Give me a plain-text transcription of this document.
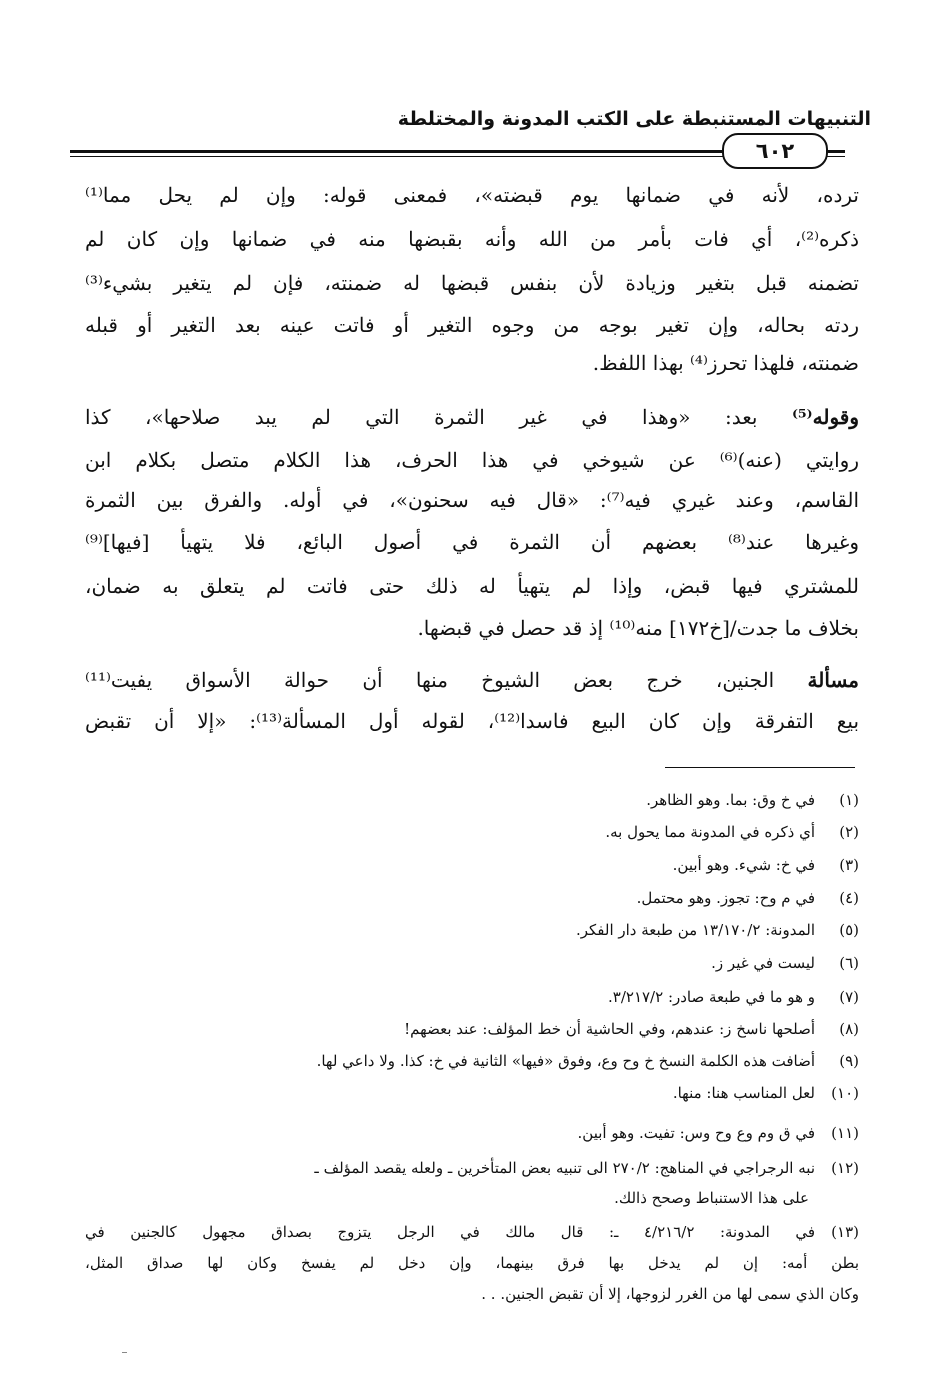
التنبيهات المستنبطة على الكتب المدونة والمختلطة
٦٠٢
ترده، لأنه في ضمانها يوم قبضته»، فمعنى قوله: وإن لم يحل مما⁽¹⁾
ذكره⁽²⁾، أي فات بأمر من الله وأنه بقبضها منه في ضمانها وإن كان لم
تضمنه قبل بتغير وزيادة لأن بنفس قبضها له ضمنته، فإن لم يتغير بشيء⁽³⁾
ردته بحاله، وإن تغير بوجه من وجوه التغير أو فاتت عينه بعد التغير أو قبله
ضمنته، فلهذا تحرز⁽⁴⁾ بهذا اللفظ.
وقوله⁽⁵⁾ بعد: «وهذا في غير الثمرة التي لم يبد صلاحها»، كذا
روايتي (عنه)⁽⁶⁾ عن شيوخي في هذا الحرف، هذا الكلام متصل بكلام ابن
القاسم، وعند غيري فيه⁽⁷⁾: «قال فيه سحنون»، في أوله. والفرق بين الثمرة
وغيرها عند⁽⁸⁾ بعضهم أن الثمرة في أصول البائع، فلا يتهيأ [فيها]⁽⁹⁾
للمشتري فيها قبض، وإذا لم يتهيأ له ذلك حتى فاتت لم يتعلق به ضمان،
بخلاف ما جدت/[خ١٧٢] منه⁽¹⁰⁾ إذ قد حصل في قبضها.
مسألة الجنين، خرج بعض الشيوخ منها أن حوالة الأسواق يفيت⁽¹¹⁾
بيع التفرقة وإن كان البيع فاسدا⁽¹²⁾، لقوله أول المسألة⁽¹³⁾: «إلا أن تقبض
(١)في خ وق: بما. وهو الظاهر.
(٢)أي ذكره في المدونة مما يحول به.
(٣)في خ: شيء. وهو أبين.
(٤)في م وح: تجوز. وهو محتمل.
(٥)المدونة: ١٣/١٧٠/٢ من طبعة دار الفكر.
(٦)ليست في غير ز.
(٧)و هو ما في طبعة صادر: ٣/٢١٧/٢.
(٨)أصلحها ناسخ ز: عندهم، وفي الحاشية أن خط المؤلف: عند بعضهم!
(٩)أضافت هذه الكلمة النسخ خ وح وع، وفوق «فيها» الثانية في خ: كذا. ولا داعي لها.
(١٠)لعل المناسب هنا: منها.
(١١)في ق وم وع وح وس: تفيت. وهو أبين.
(١٢)نبه الرجراجي في المناهج: ٢٧٠/٢ الى تنبيه بعض المتأخرين ـ ولعله يقصد المؤلف ـ
على هذا الاستنباط وصحح ذالك.
(١٣)في المدونة: ٤/٢١٦/٢ ـ: قال مالك في الرجل يتزوج بصداق مجهول كالجنين في
بطن أمه: إن لم يدخل بها فرق بينهما، وإن دخل لم يفسخ وكان لها صداق المثل،
وكان الذي سمى لها من الغرر لزوجها، إلا أن تقبض الجنين. . .
